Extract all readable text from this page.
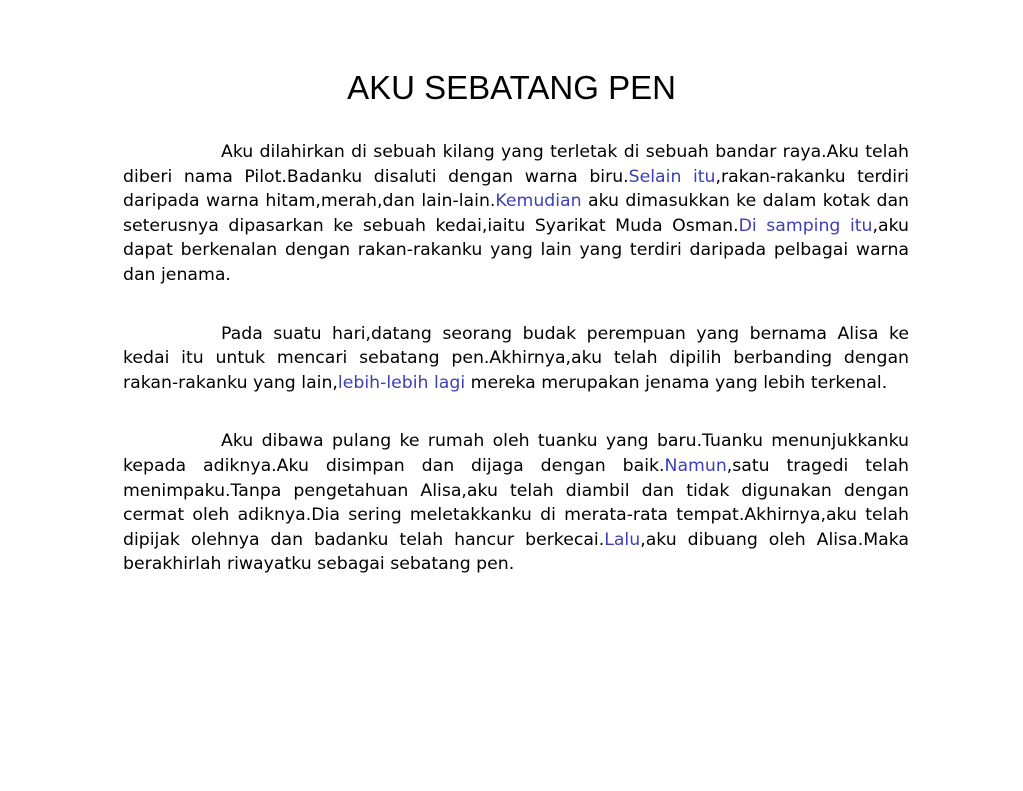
AKU SEBATANG PEN

Aku dilahirkan di sebuah kilang yang terletak di sebuah bandar raya.Aku telah diberi nama Pilot.Badanku disaluti dengan warna biru.Selain itu,rakan-rakanku terdiri daripada warna hitam,merah,dan lain-lain.Kemudian aku dimasukkan ke dalam kotak dan seterusnya dipasarkan ke sebuah kedai,iaitu Syarikat Muda Osman.Di samping itu,aku dapat berkenalan dengan rakan-rakanku yang lain yang terdiri daripada pelbagai warna dan jenama.

Pada suatu hari,datang seorang budak perempuan yang bernama Alisa ke kedai itu untuk mencari sebatang pen.Akhirnya,aku telah dipilih berbanding dengan rakan-rakanku yang lain,lebih-lebih lagi mereka merupakan jenama yang lebih terkenal.

Aku dibawa pulang ke rumah oleh tuanku yang baru.Tuanku menunjukkanku kepada adiknya.Aku disimpan dan dijaga dengan baik.Namun,satu tragedi telah menimpaku.Tanpa pengetahuan Alisa,aku telah diambil dan tidak digunakan dengan cermat oleh adiknya.Dia sering meletakkanku di merata-rata tempat.Akhirnya,aku telah dipijak olehnya dan badanku telah hancur berkecai.Lalu,aku dibuang oleh Alisa.Maka berakhirlah riwayatku sebagai sebatang pen.
